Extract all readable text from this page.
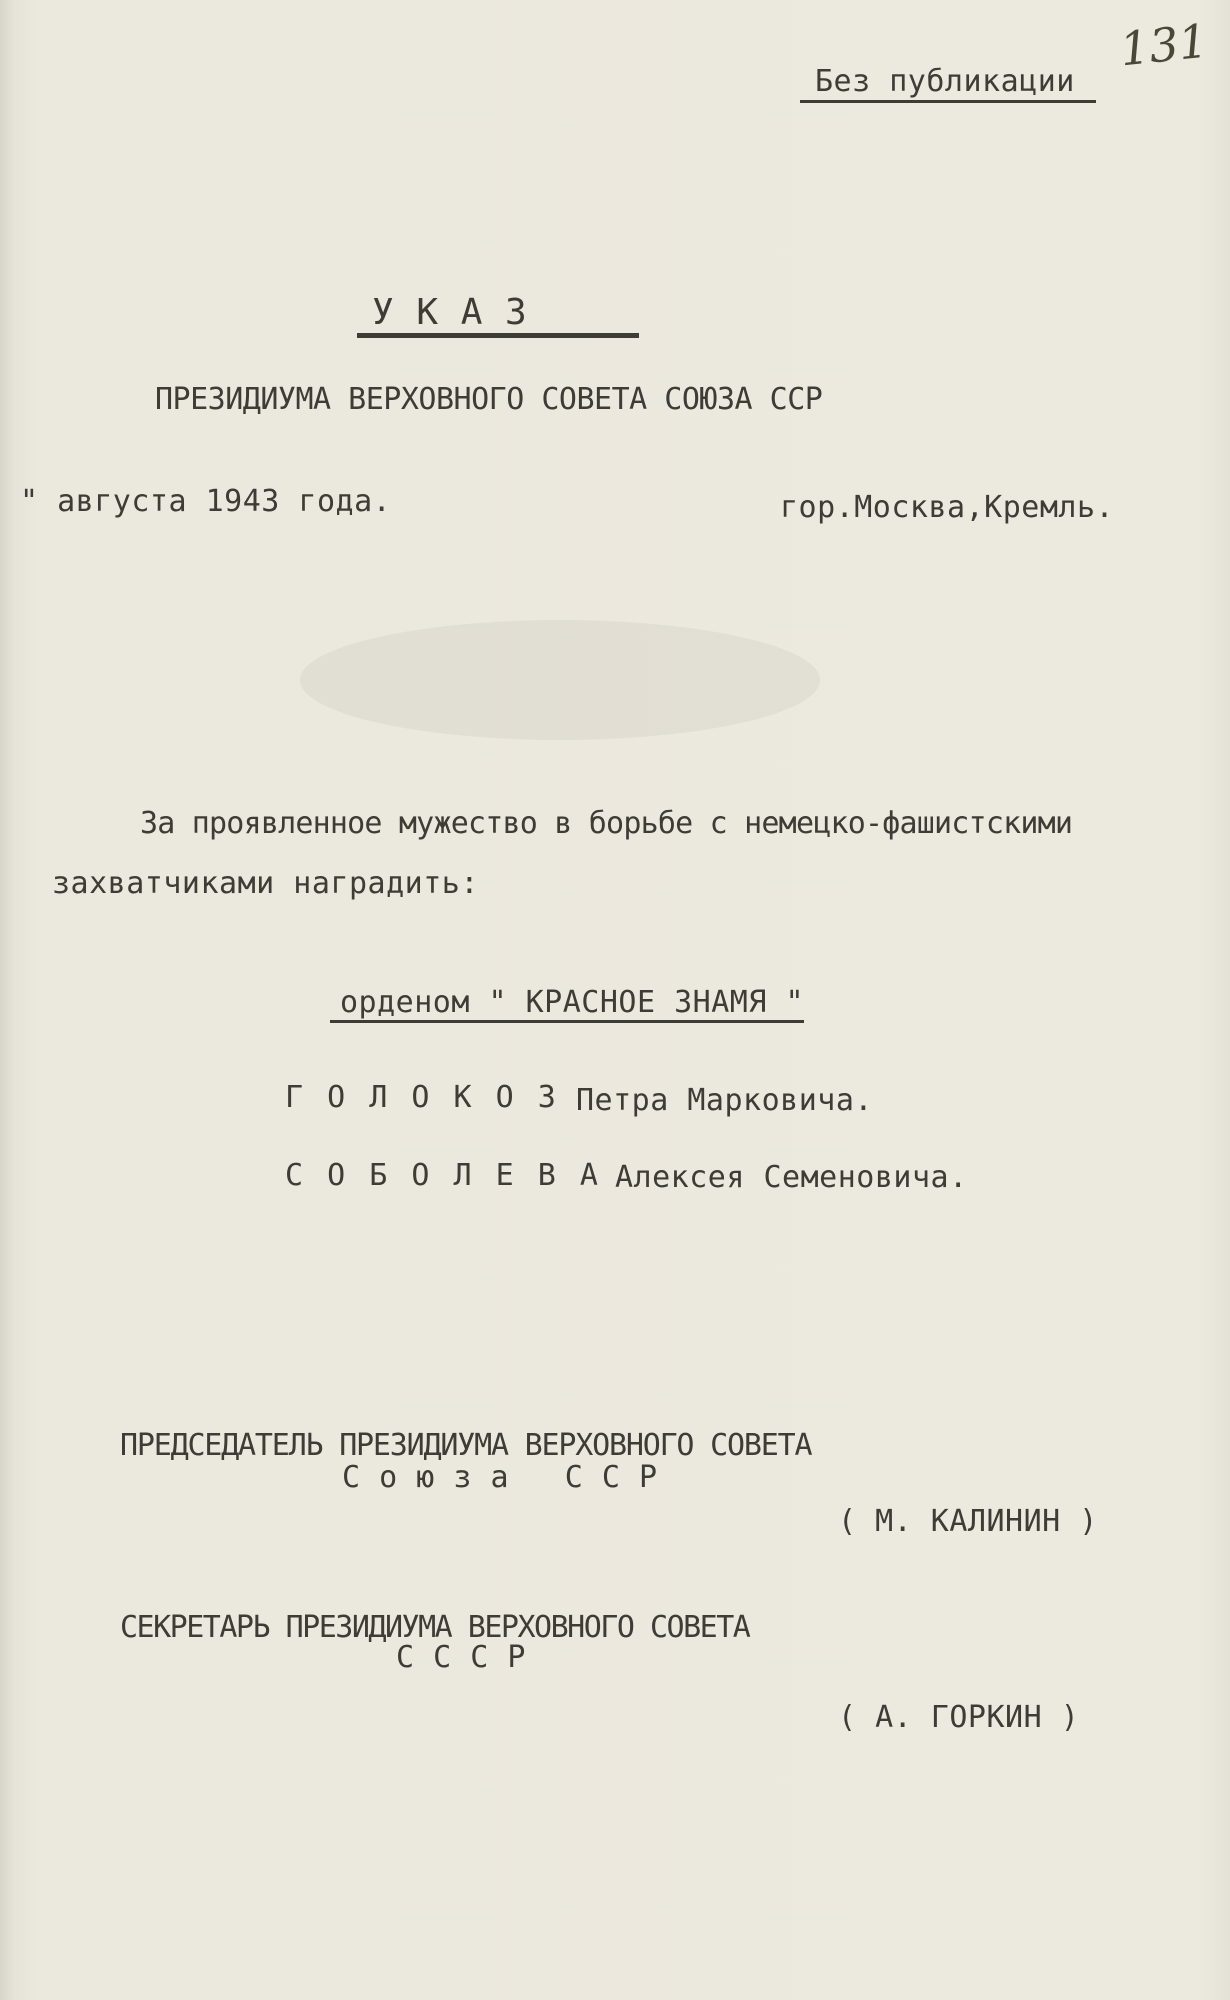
131
Без публикации
У К А З
ПРЕЗИДИУМА ВЕРХОВНОГО СОВЕТА СОЮЗА ССР
" августа 1943 года.	гор.Москва,Кремль.
За проявленное мужество в борьбе с немецко-фашистскими
захватчиками наградить:
орденом " КРАСНОЕ ЗНАМЯ "
Г О Л О К О З Петра Марковича.
С О Б О Л Е В А Алексея Семеновича.
ПРЕДСЕДАТЕЛЬ ПРЕЗИДИУМА ВЕРХОВНОГО СОВЕТА
С о ю з а   С С Р
( М. КАЛИНИН )
СЕКРЕТАРЬ ПРЕЗИДИУМА ВЕРХОВНОГО СОВЕТА
С С С Р
( А. ГОРКИН )
